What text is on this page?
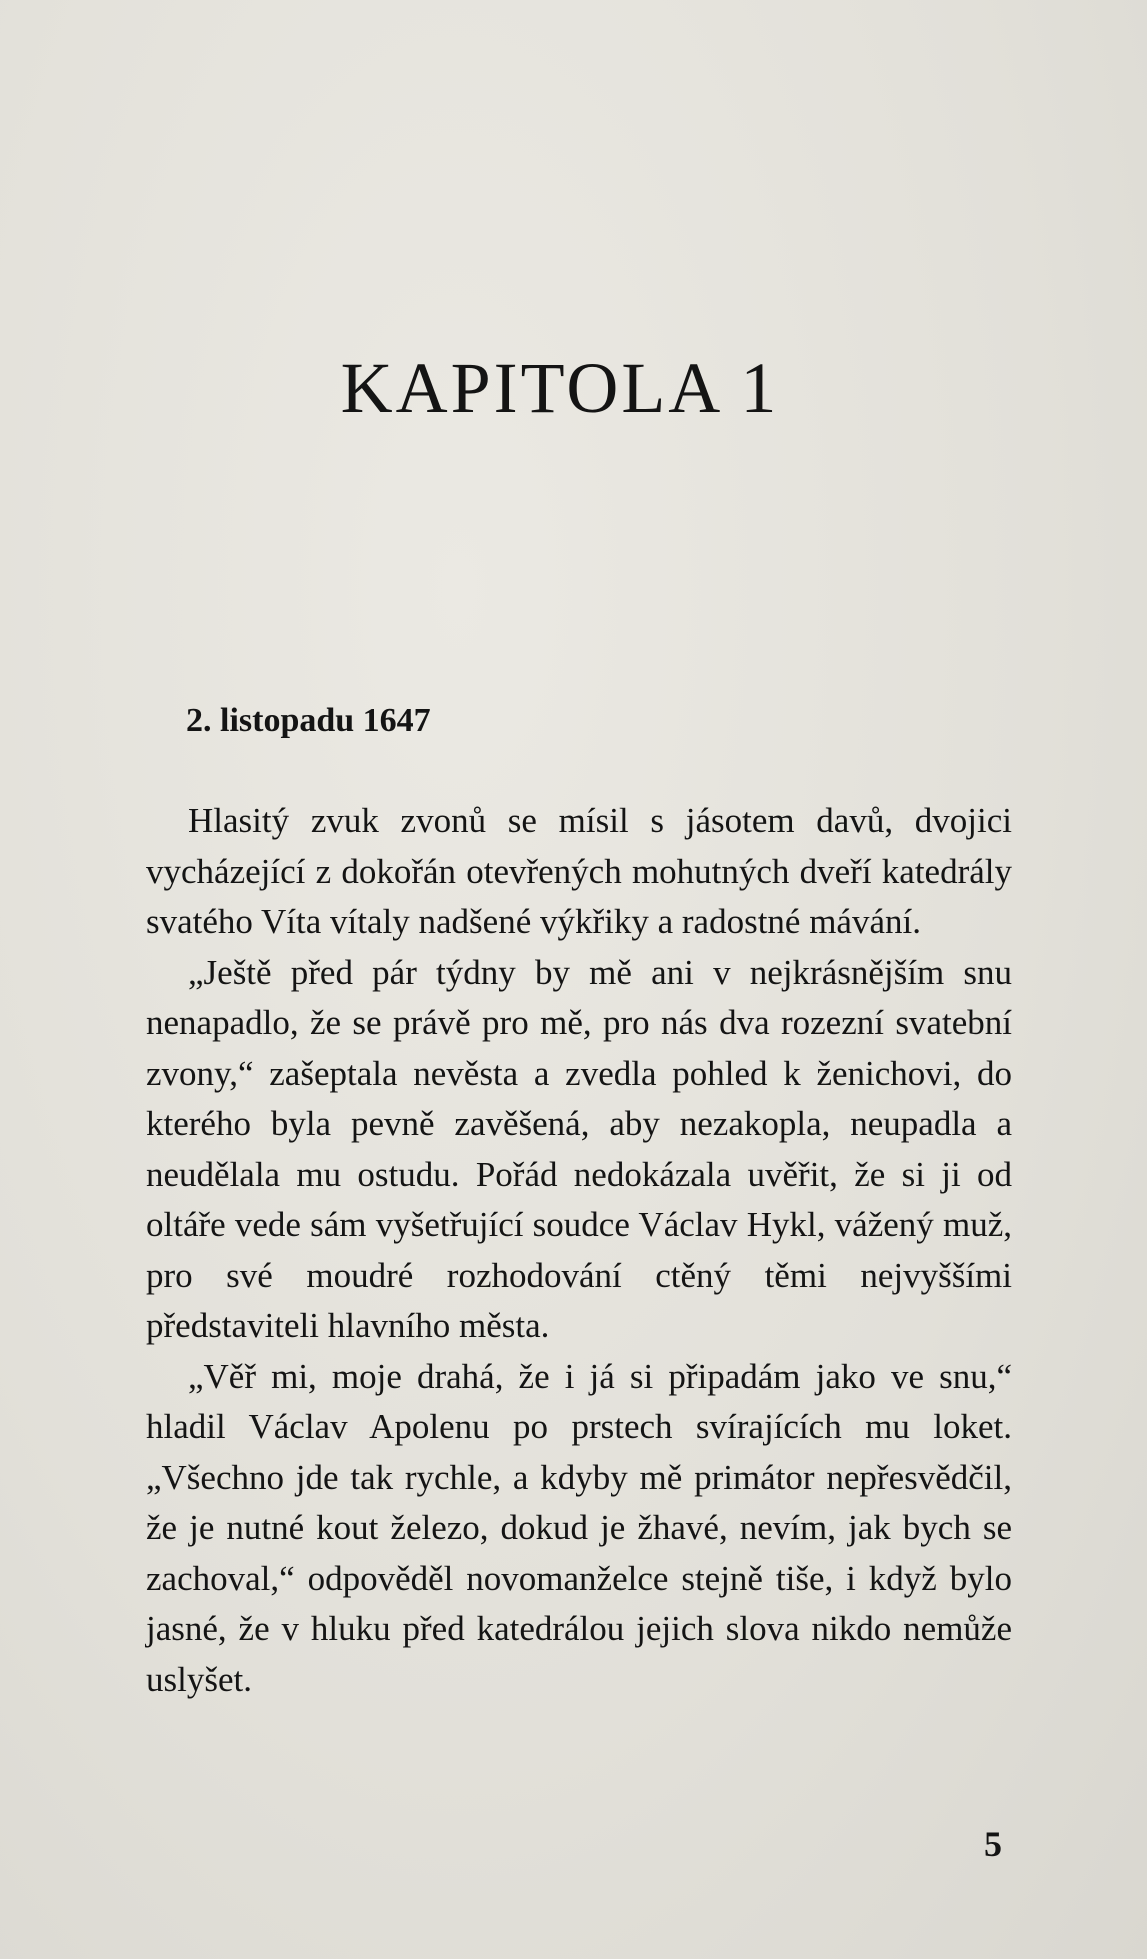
KAPITOLA 1
2. listopadu 1647

Hlasitý zvuk zvonů se mísil s jásotem davů, dvojici vycházející z dokořán otevřených mohutných dveří katedrály svatého Víta vítaly nadšené výkřiky a radostné mávání.

„Ještě před pár týdny by mě ani v nejkrásnějším snu nenapadlo, že se právě pro mě, pro nás dva rozezní svatební zvony,“ zašeptala nevěsta a zvedla pohled k ženichovi, do kterého byla pevně zavěšená, aby nezakopla, neupadla a neudělala mu ostudu. Pořád nedokázala uvěřit, že si ji od oltáře vede sám vyšetřující soudce Václav Hykl, vážený muž, pro své moudré rozhodování ctěný těmi nejvyššími představiteli hlavního města.

„Věř mi, moje drahá, že i já si připadám jako ve snu,“ hladil Václav Apolenu po prstech svírajících mu loket. „Všechno jde tak rychle, a kdyby mě primátor nepřesvědčil, že je nutné kout železo, dokud je žhavé, nevím, jak bych se zachoval,“ odpověděl novomanželce stejně tiše, i když bylo jasné, že v hluku před katedrálou jejich slova nikdo nemůže uslyšet.

5
